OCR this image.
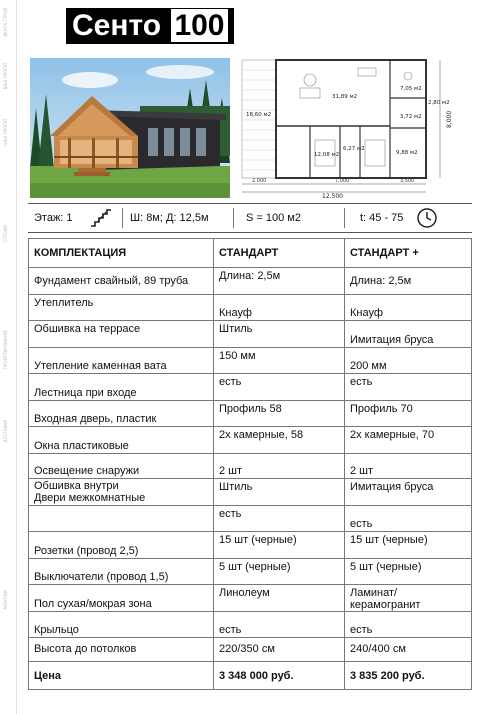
ВЕНТА СТРОЙ
ВАШ ПРОЕКТ
НАШ ПРОЕКТ
СТРОИМ
ПРОЕКТИРОВАНИЕ
ДОСТАВКА
МОНТАЖ
Сенто 100
31,89 м2
7,05 м2
18,60 м2	3,72 м2
2,80 м2
12,08 м2
6,27 м2
9,88 м2
2,000	7,000	3,500
12,500
8,000
Этаж: 1	Ш: 8м; Д: 12,5м	S = 100 м2	t: 45 - 75
КОМПЛЕКТАЦИЯ	СТАНДАРТ	СТАНДАРТ +
Фундамент свайный, 89 труба	Длина: 2,5м	Длина: 2,5м
Утеплитель	Кнауф	Кнауф
Обшивка на террасе	Штиль	Имитация бруса
Утепление каменная вата	150 мм	200 мм
Лестница при входе	есть	есть
Входная дверь, пластик	Профиль 58	Профиль 70
Окна пластиковые	2х камерные, 58	2х камерные, 70
Освещение снаружи	2 шт	2 шт
Обшивка внутри
Двери межкомнатные	Штиль	Имитация бруса
	есть	есть
Розетки (провод 2,5)	15 шт (черные)	15 шт (черные)
Выключатели (провод 1,5)	5 шт (черные)	5 шт (черные)
Пол сухая/мокрая зона	Линолеум	Ламинат/керамогранит
Крыльцо	есть	есть
Высота до потолков	220/350 см	240/400 см
Цена	3 348 000 руб.	3 835 200 руб.
